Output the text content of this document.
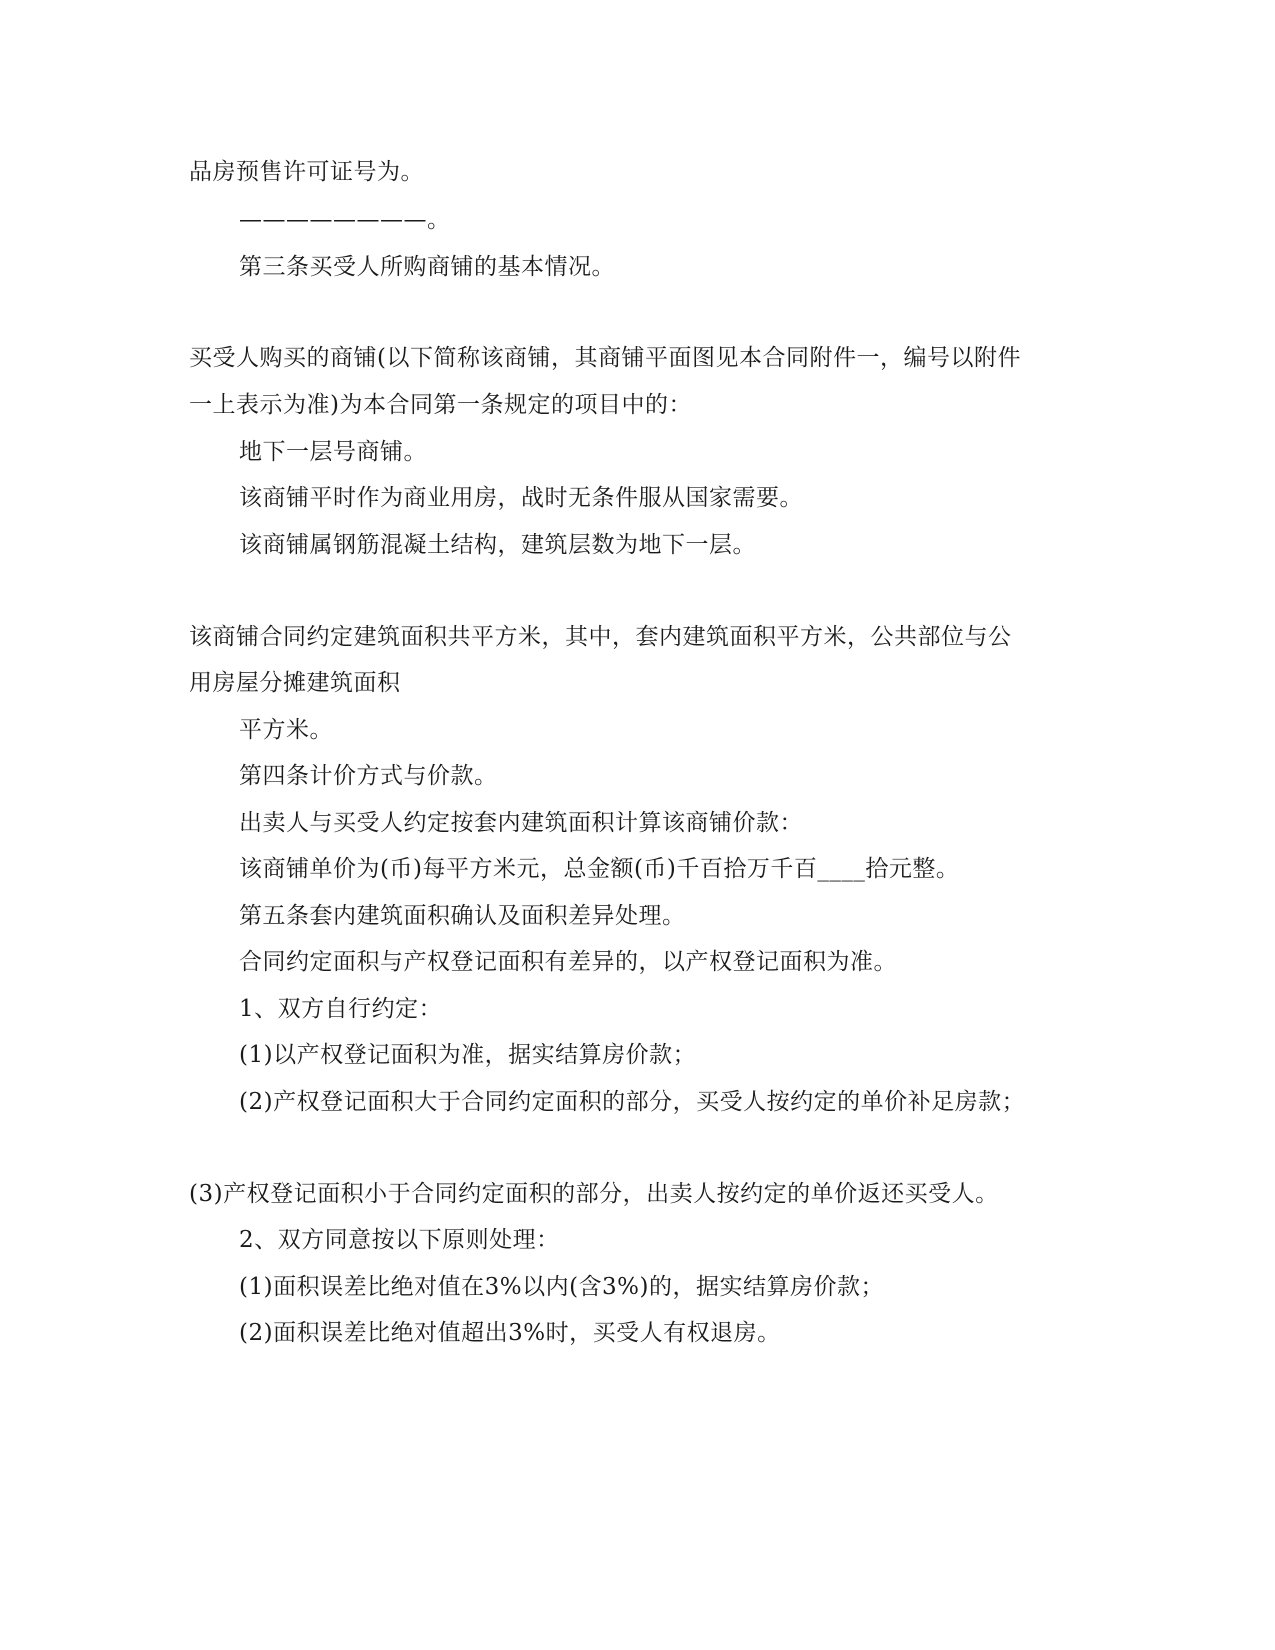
品房预售许可证号为。
————————。
第三条买受人所购商铺的基本情况。
买受人购买的商铺(以下简称该商铺，其商铺平面图见本合同附件一，编号以附件
一上表示为准)为本合同第一条规定的项目中的：
地下一层号商铺。
该商铺平时作为商业用房，战时无条件服从国家需要。
该商铺属钢筋混凝土结构，建筑层数为地下一层。
该商铺合同约定建筑面积共平方米，其中，套内建筑面积平方米，公共部位与公
用房屋分摊建筑面积
平方米。
第四条计价方式与价款。
出卖人与买受人约定按套内建筑面积计算该商铺价款：
该商铺单价为(币)每平方米元，总金额(币)千百拾万千百____拾元整。
第五条套内建筑面积确认及面积差异处理。
合同约定面积与产权登记面积有差异的，以产权登记面积为准。
1、双方自行约定：
(1)以产权登记面积为准，据实结算房价款；
(2)产权登记面积大于合同约定面积的部分，买受人按约定的单价补足房款；
(3)产权登记面积小于合同约定面积的部分，出卖人按约定的单价返还买受人。
2、双方同意按以下原则处理：
(1)面积误差比绝对值在3%以内(含3%)的，据实结算房价款；
(2)面积误差比绝对值超出3%时，买受人有权退房。
